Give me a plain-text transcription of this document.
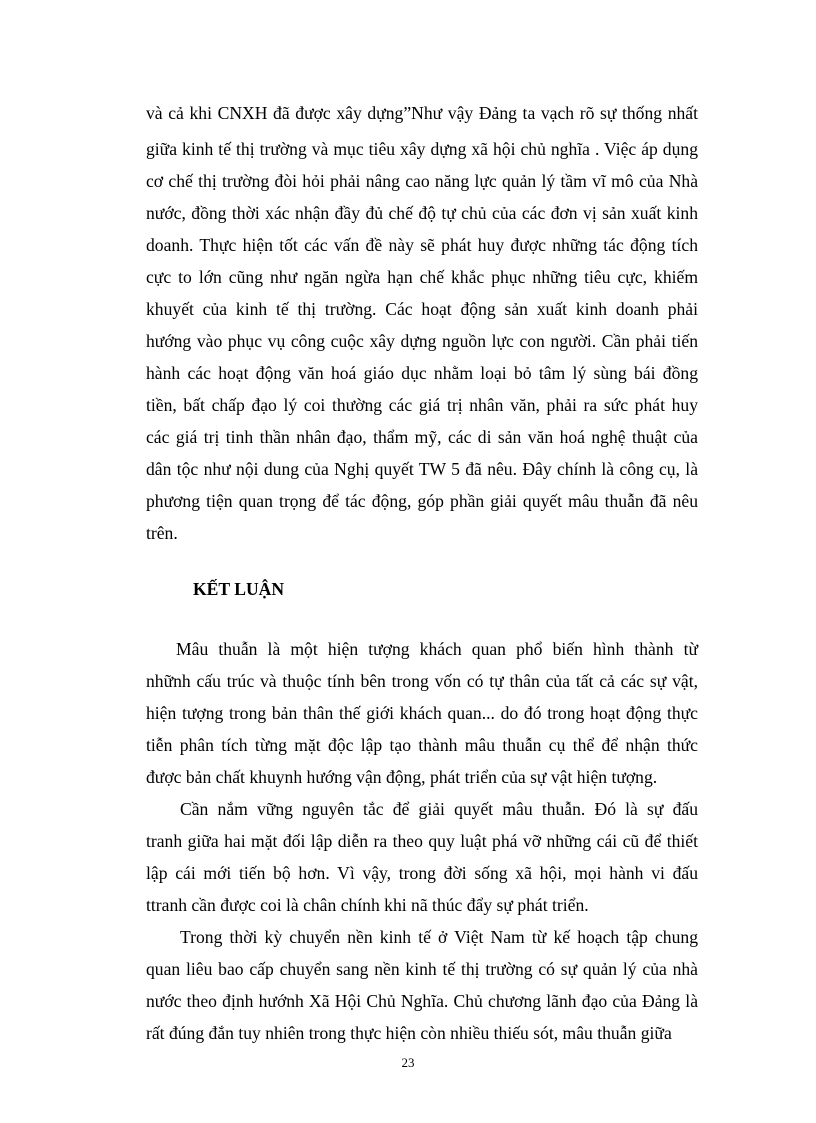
và cả khi CNXH đã được xây dựng”Như vậy Đảng ta vạch rõ sự thống nhất
giữa kinh tế thị trường và mục tiêu xây dựng xã hội chủ nghĩa . Việc áp dụng
cơ chế thị trường đòi hỏi phải nâng cao năng lực quản lý tầm vĩ mô của Nhà
nước, đồng thời xác nhận đầy đủ chế độ tự chủ của các đơn vị sản xuất kinh
doanh. Thực hiện tốt các vấn đề này sẽ phát huy được những tác động tích
cực to lớn cũng như ngăn ngừa hạn chế khắc phục những tiêu cực, khiếm
khuyết của kinh tế thị trường. Các hoạt động sản xuất kinh doanh phải
hướng vào phục vụ công cuộc xây dựng nguồn lực con người. Cần phải tiến
hành các hoạt động văn hoá giáo dục nhằm loại bỏ tâm lý sùng bái đồng
tiền, bất chấp đạo lý coi thường các giá trị nhân văn, phải ra sức phát huy
các giá trị tinh thần nhân đạo, thẩm mỹ, các di sản văn hoá nghệ thuật của
dân tộc như nội dung của Nghị quyết TW 5 đã nêu. Đây chính là công cụ, là
phương tiện quan trọng để tác động, góp phần giải quyết mâu thuẫn đã nêu
trên.
KẾT LUẬN
Mâu thuẫn là một hiện tượng khách quan phổ biến hình thành từ
nhữnh cấu trúc và thuộc tính bên trong vốn có tự thân của tất cả các sự vật,
hiện tượng trong bản thân thế giới khách quan... do đó trong hoạt động thực
tiễn phân tích từng mặt độc lập tạo thành mâu thuẫn cụ thể để nhận thức
được bản chất khuynh hướng vận động, phát triển của sự vật hiện tượng.
Cần nắm vững nguyên tắc để giải quyết mâu thuẫn. Đó là sự đấu
tranh giữa hai mặt đối lập diễn ra theo quy luật phá vỡ những cái cũ để thiết
lập cái mới tiến bộ hơn. Vì vậy, trong đời sống xã hội, mọi hành vi đấu
ttranh cần được coi là chân chính khi nã thúc đẩy sự phát triển.
Trong thời kỳ chuyển nền kinh tế ở Việt Nam từ kế hoạch tập chung
quan liêu bao cấp chuyển sang nền kinh tế thị trường có sự quản lý của nhà
nước theo định hướnh Xã Hội Chủ Nghĩa. Chủ chương lãnh đạo của Đảng là
rất đúng đắn tuy nhiên trong thực hiện còn nhiều thiếu sót, mâu thuẫn giữa
23
